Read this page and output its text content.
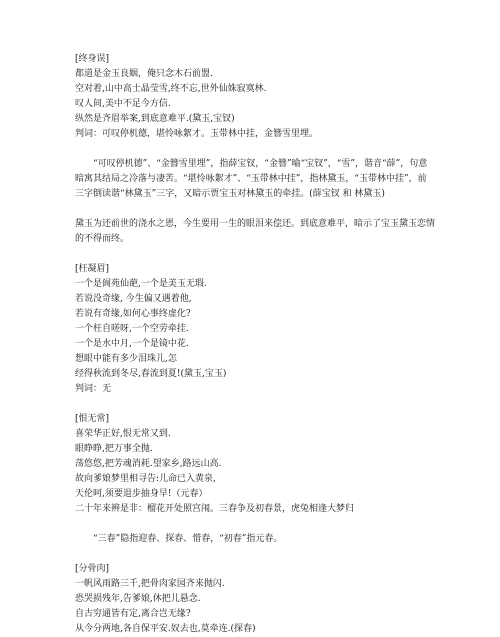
[终身误]
都道是金玉良姻，俺只念木石前盟.
空对着,山中高士晶莹雪,终不忘,世外仙姝寂寞林.
叹人间,美中不足今方信.
纵然是齐眉举案,到底意难平.(黛玉,宝钗)
判词：可叹停机德，堪怜咏絮才。玉带林中挂，金簪雪里埋。
“可叹停机德”、“金簪雪里埋”，指薛宝钗，“金簪”喻“宝钗”，“雪”，谐音“薛”，句意暗寓其结局之冷落与凄苦。“堪怜咏絮才”、“玉带林中挂”，指林黛玉，“玉带林中挂”，前三字倒读谐“林黛玉”三字，又暗示贾宝玉对林黛玉的牵挂。(薛宝钗 和 林黛玉)
黛玉为还前世的浇水之恩，今生要用一生的眼泪来偿还。到底意难平，暗示了宝玉黛玉恋情的不得而终。
[枉凝眉]
一个是阆苑仙葩,一个是美玉无瑕.
若说没奇缘, 今生偏又遇着他,
若说有奇缘,如何心事终虚化?
一个枉自嗟呀,一个空劳牵挂.
一个是水中月,一个是镜中花.
想眼中能有多少泪珠儿,怎
经得秋流到冬尽,春流到夏!(黛玉,宝玉)
判词：无
[恨无常]
喜荣华正好,恨无常又到.
眼睁睁,把万事全抛.
荡悠悠,把芳魂消耗.望家乡,路远山高.
故向爹娘梦里相寻告:儿命已入黄泉,
天伦呵,须要退步抽身早!（元春）
二十年来辨是非：榴花开处照宫闱。三春争及初春景，虎兔相逢大梦归
“三春”隐指迎春、探春、惜春，“初春”指元春。
[分骨肉]
一帆风雨路三千,把骨肉家园齐来抛闪.
恐哭损残年,告爹娘,休把儿悬念.
自古穷通皆有定,离合岂无缘?
从今分两地,各自保平安.奴去也,莫牵连.(探春)
